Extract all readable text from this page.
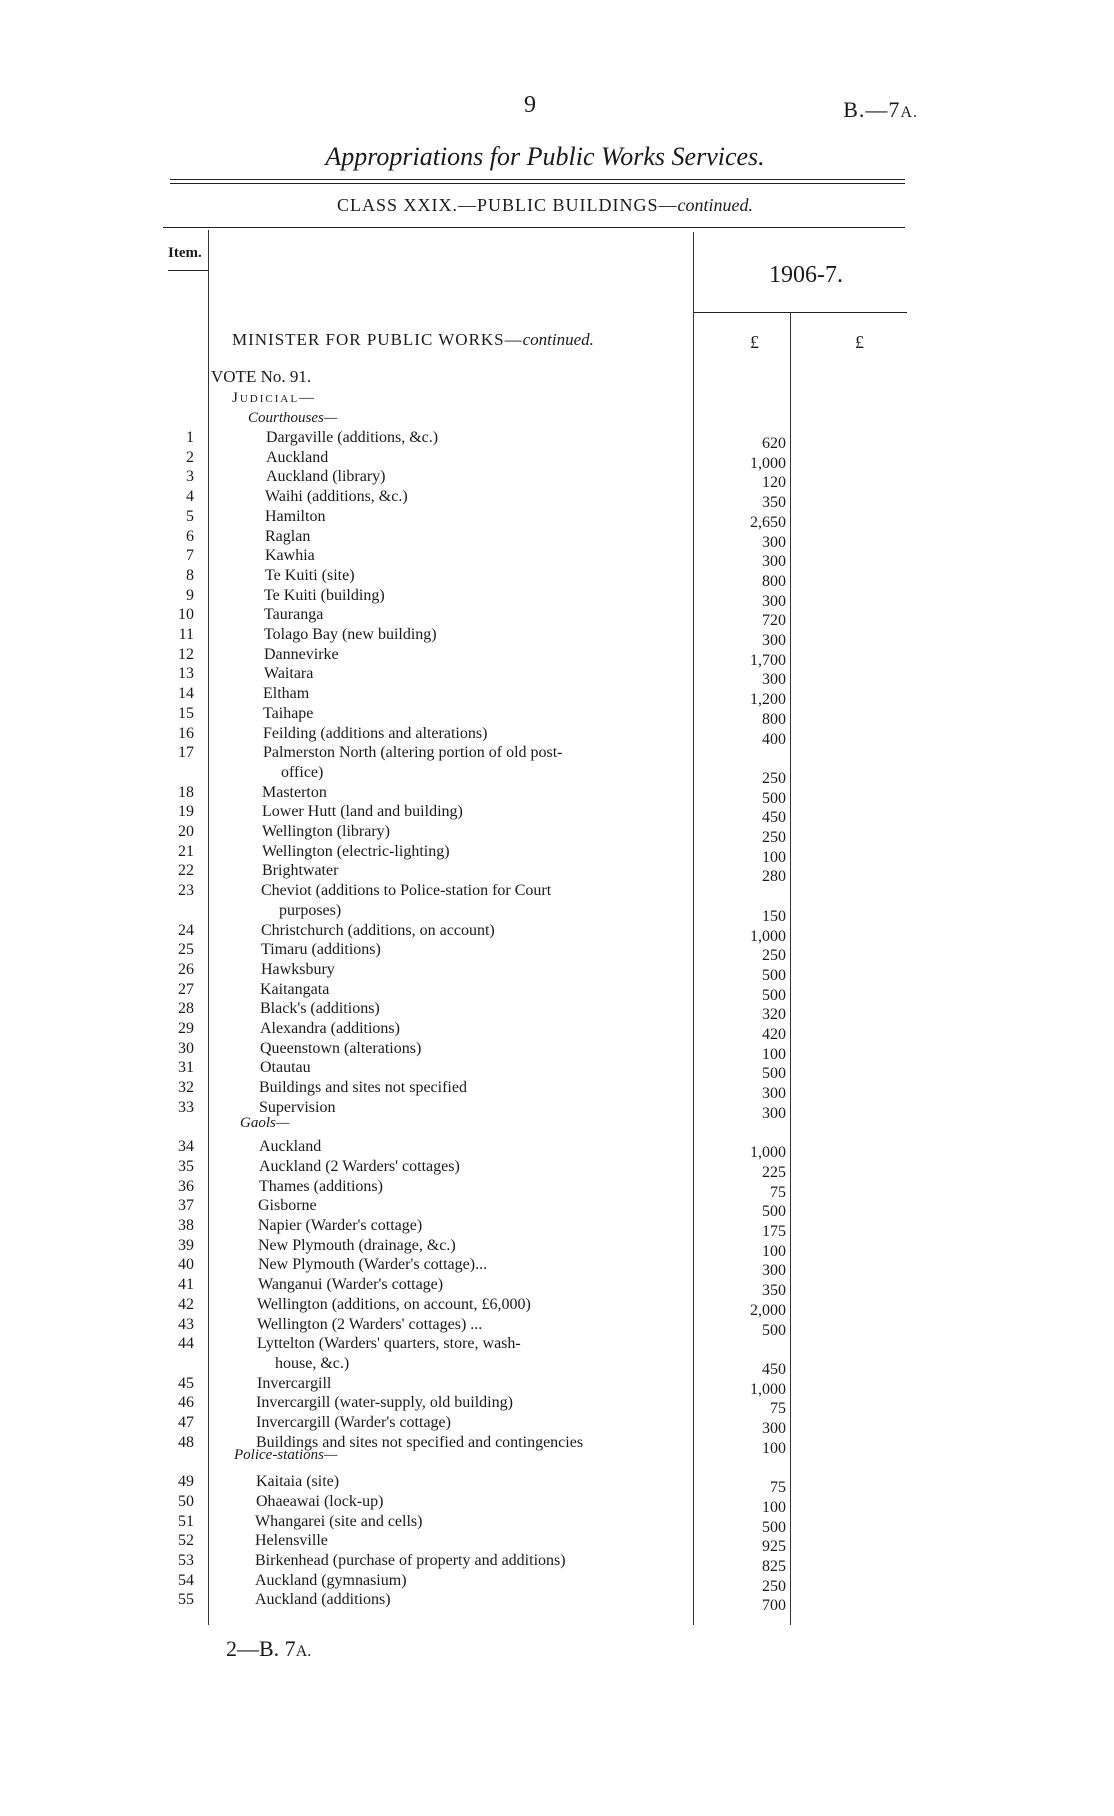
9	B.—7A.
Appropriations for Public Works Services.
CLASS XXIX.—PUBLIC BUILDINGS—continued.
Item.
1906-7.
MINISTER FOR PUBLIC WORKS—continued.	£	£
VOTE No. 91.
Judicial—
Courthouses—
Gaols—
Police-stations—
1	Dargaville (additions, &c.)	620
2	Auckland	1,000
3	Auckland (library)	120
4	Waihi (additions, &c.)	350
5	Hamilton	2,650
6	Raglan	300
7	Kawhia	300
8	Te Kuiti (site)	800
9	Te Kuiti (building)	300
10	Tauranga	720
11	Tolago Bay (new building)	300
12	Dannevirke	1,700
13	Waitara	300
14	Eltham	1,200
15	Taihape	800
16	Feilding (additions and alterations)	400
17	Palmerston North (altering portion of old post-
office)	250
18	Masterton	500
19	Lower Hutt (land and building)	450
20	Wellington (library)	250
21	Wellington (electric-lighting)	100
22	Brightwater	280
23	Cheviot (additions to Police-station for Court
purposes)	150
24	Christchurch (additions, on account)	1,000
25	Timaru (additions)	250
26	Hawksbury	500
27	Kaitangata	500
28	Black's (additions)	320
29	Alexandra (additions)	420
30	Queenstown (alterations)	100
31	Otautau	500
32	Buildings and sites not specified	300
33	Supervision	300
34	Auckland	1,000
35	Auckland (2 Warders' cottages)	225
36	Thames (additions)	75
37	Gisborne	500
38	Napier (Warder's cottage)	175
39	New Plymouth (drainage, &c.)	100
40	New Plymouth (Warder's cottage)...	300
41	Wanganui (Warder's cottage)	350
42	Wellington (additions, on account, £6,000)	2,000
43	Wellington (2 Warders' cottages) ...	500
44	Lyttelton (Warders' quarters, store, wash-
house, &c.)	450
45	Invercargill	1,000
46	Invercargill (water-supply, old building)	75
47	Invercargill (Warder's cottage)	300
48	Buildings and sites not specified and contingencies	100
49	Kaitaia (site)	75
50	Ohaeawai (lock-up)	100
51	Whangarei (site and cells)	500
52	Helensville	925
53	Birkenhead (purchase of property and additions)	825
54	Auckland (gymnasium)	250
55	Auckland (additions)	700
2—B. 7A.
